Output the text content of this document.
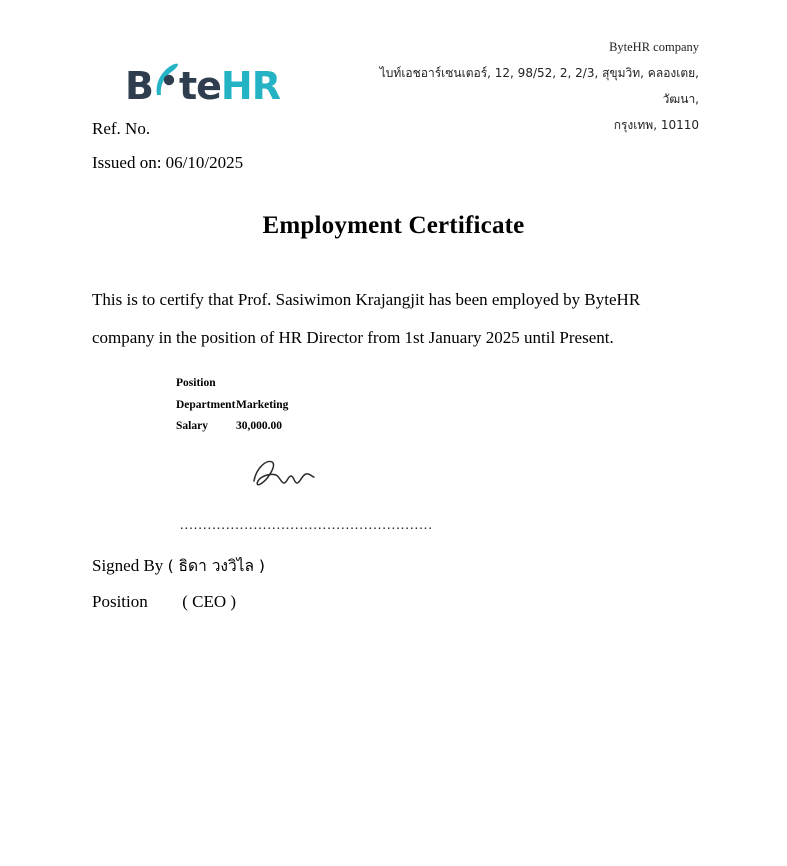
B te HR
ByteHR company
ไบท์เอชอาร์เซนเตอร์, 12, 98/52, 2, 2/3, สุขุมวิท, คลองเตย, วัฒนา,
กรุงเทพ, 10110
Ref. No.
Issued on: 06/10/2025
Employment Certificate
This is to certify that Prof. Sasiwimon Krajangjit has been employed by ByteHR
company in the position of HR Director from 1st January 2025 until Present.
Position
Department Marketing
Salary	30,000.00
.......................................................
Signed By ( ธิดา วงวิไล )
Position ( CEO )
